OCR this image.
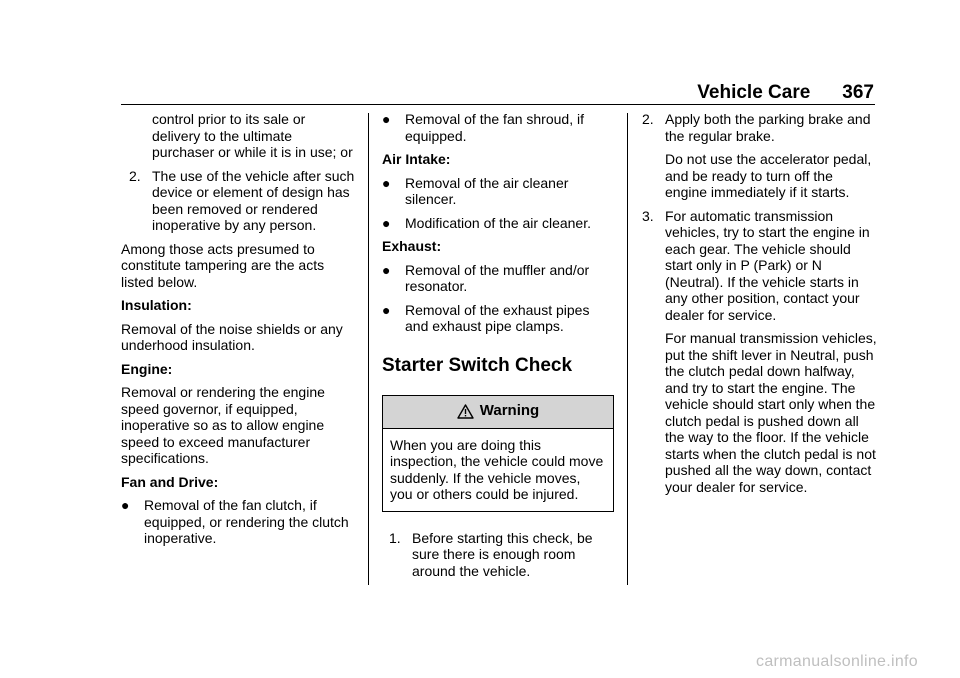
Vehicle Care 367

control prior to its sale or delivery to the ultimate purchaser or while it is in use; or

2. The use of the vehicle after such device or element of design has been removed or rendered inoperative by any person.

Among those acts presumed to constitute tampering are the acts listed below.

Insulation:

Removal of the noise shields or any underhood insulation.

Engine:

Removal or rendering the engine speed governor, if equipped, inoperative so as to allow engine speed to exceed manufacturer specifications.

Fan and Drive:

● Removal of the fan clutch, if equipped, or rendering the clutch inoperative.
● Removal of the fan shroud, if equipped.

Air Intake:

● Removal of the air cleaner silencer.
● Modification of the air cleaner.

Exhaust:

● Removal of the muffler and/or resonator.
● Removal of the exhaust pipes and exhaust pipe clamps.
Starter Switch Check
Warning
When you are doing this inspection, the vehicle could move suddenly. If the vehicle moves, you or others could be injured.
1. Before starting this check, be sure there is enough room around the vehicle.
2. Apply both the parking brake and the regular brake.

Do not use the accelerator pedal, and be ready to turn off the engine immediately if it starts.

3. For automatic transmission vehicles, try to start the engine in each gear. The vehicle should start only in P (Park) or N (Neutral). If the vehicle starts in any other position, contact your dealer for service.

For manual transmission vehicles, put the shift lever in Neutral, push the clutch pedal down halfway, and try to start the engine. The vehicle should start only when the clutch pedal is pushed down all the way to the floor. If the vehicle starts when the clutch pedal is not pushed all the way down, contact your dealer for service.

carmanualsonline.info
